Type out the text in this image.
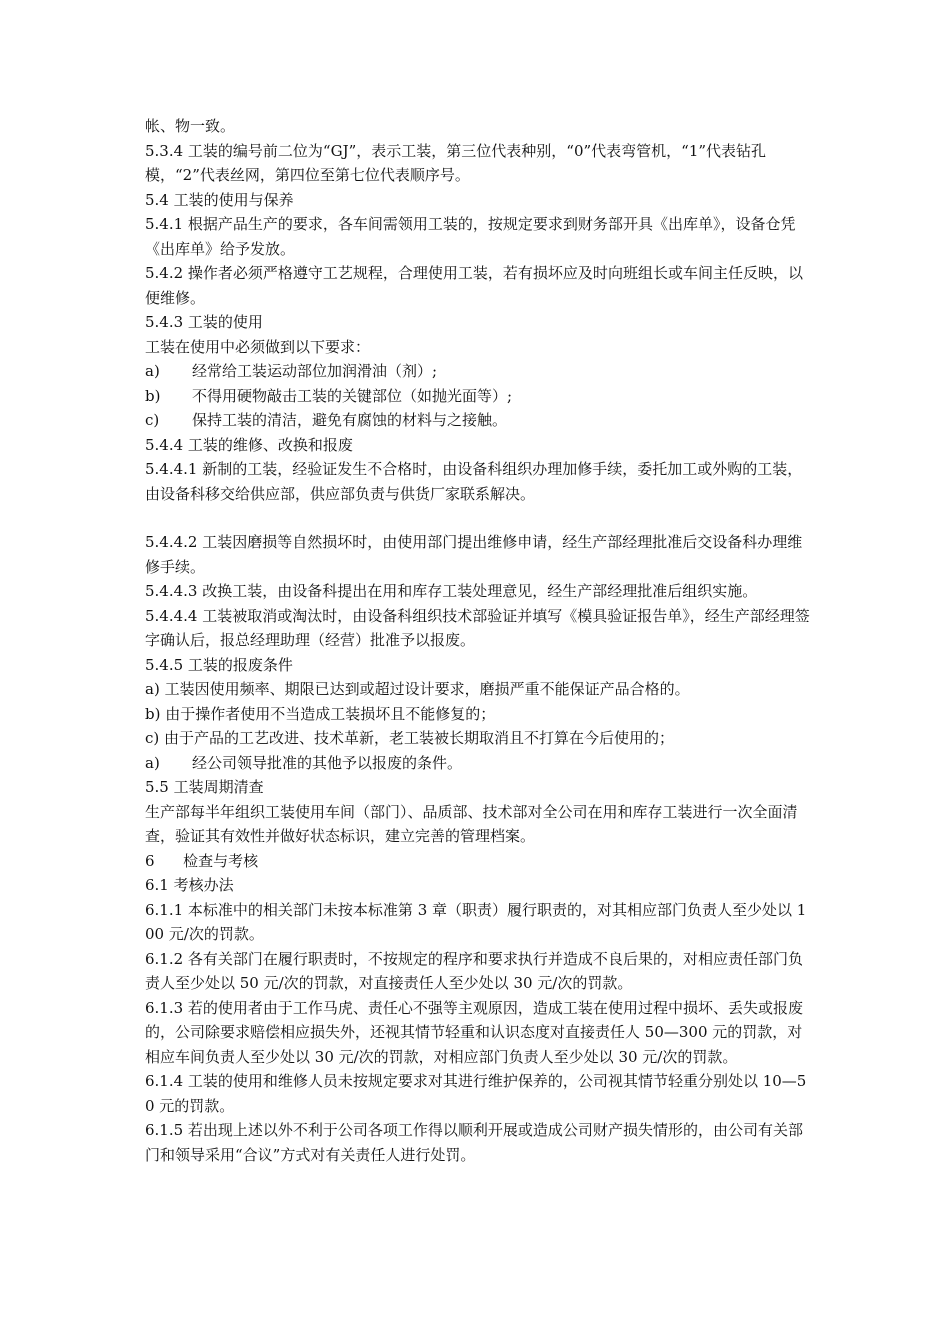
帐、物一致。

5.3.4 工装的编号前二位为“GJ”，表示工装，第三位代表种别，“0”代表弯管机，“1”代表钻孔模，“2”代表丝网，第四位至第七位代表顺序号。

5.4 工装的使用与保养

5.4.1 根据产品生产的要求，各车间需领用工装的，按规定要求到财务部开具《出库单》，设备仓凭《出库单》给予发放。

5.4.2 操作者必须严格遵守工艺规程，合理使用工装，若有损坏应及时向班组长或车间主任反映，以便维修。

5.4.3 工装的使用

工装在使用中必须做到以下要求：

a)	经常给工装运动部位加润滑油（剂）;
b)	不得用硬物敲击工装的关键部位（如抛光面等）;
c)	保持工装的清洁，避免有腐蚀的材料与之接触。

5.4.4 工装的维修、改换和报废

5.4.4.1 新制的工装，经验证发生不合格时，由设备科组织办理加修手续，委托加工或外购的工装，由设备科移交给供应部，供应部负责与供货厂家联系解决。

5.4.4.2 工装因磨损等自然损坏时，由使用部门提出维修申请，经生产部经理批准后交设备科办理维修手续。

5.4.4.3 改换工装，由设备科提出在用和库存工装处理意见，经生产部经理批准后组织实施。

5.4.4.4 工装被取消或淘汰时，由设备科组织技术部验证并填写《模具验证报告单》，经生产部经理签字确认后，报总经理助理（经营）批准予以报废。

5.4.5 工装的报废条件

a) 工装因使用频率、期限已达到或超过设计要求，磨损严重不能保证产品合格的。

b) 由于操作者使用不当造成工装损坏且不能修复的；

c) 由于产品的工艺改进、技术革新，老工装被长期取消且不打算在今后使用的；

a)	经公司领导批准的其他予以报废的条件。

5.5 工装周期清查

生产部每半年组织工装使用车间（部门）、品质部、技术部对全公司在用和库存工装进行一次全面清查，验证其有效性并做好状态标识，建立完善的管理档案。

6      检查与考核

6.1 考核办法

6.1.1 本标准中的相关部门未按本标准第 3 章（职责）履行职责的，对其相应部门负责人至少处以 100 元/次的罚款。

6.1.2 各有关部门在履行职责时，不按规定的程序和要求执行并造成不良后果的，对相应责任部门负责人至少处以 50 元/次的罚款，对直接责任人至少处以 30 元/次的罚款。

6.1.3 若的使用者由于工作马虎、责任心不强等主观原因，造成工装在使用过程中损坏、丢失或报废的，公司除要求赔偿相应损失外，还视其情节轻重和认识态度对直接责任人 50—300 元的罚款，对相应车间负责人至少处以 30 元/次的罚款，对相应部门负责人至少处以 30 元/次的罚款。

6.1.4 工装的使用和维修人员未按规定要求对其进行维护保养的，公司视其情节轻重分别处以 10—50 元的罚款。

6.1.5 若出现上述以外不利于公司各项工作得以顺利开展或造成公司财产损失情形的，由公司有关部门和领导采用“合议”方式对有关责任人进行处罚。
